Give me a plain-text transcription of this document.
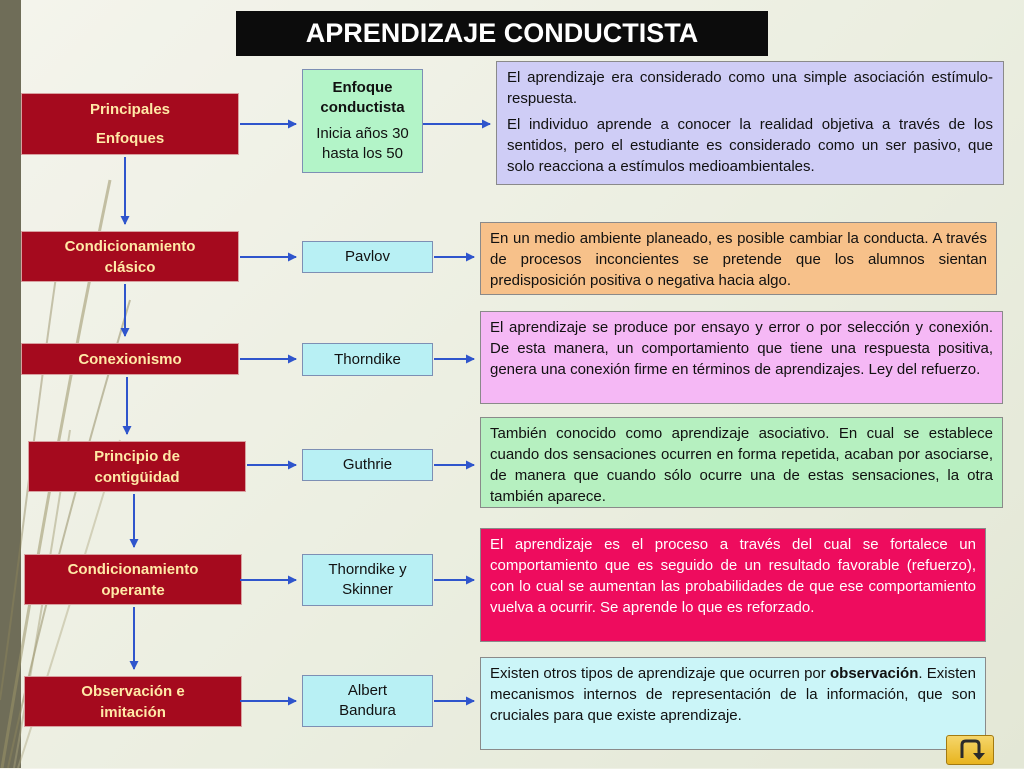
APRENDIZAJE CONDUCTISTA
Principales
Enfoques
Condicionamiento clásico
Conexionismo
Principio de contigüidad
Condicionamiento operante
Observación e imitación
Enfoque conductista
Inicia años 30 hasta los 50
Pavlov
Thorndike
Guthrie
Thorndike y Skinner
Albert Bandura

El aprendizaje era considerado como una simple asociación estímulo-respuesta.

El individuo aprende a conocer la realidad objetiva a través de los sentidos, pero el estudiante es considerado como un ser pasivo, que solo reacciona a estímulos medioambientales.

En un medio ambiente planeado, es posible cambiar la conducta. A través de procesos inconcientes se pretende que los alumnos sientan predisposición positiva o negativa hacia algo.

El aprendizaje se produce por ensayo y error o por selección y conexión. De esta manera, un comportamiento que tiene una respuesta positiva, genera una conexión firme en términos de aprendizajes. Ley del refuerzo.

También conocido como aprendizaje asociativo. En cual se establece cuando dos sensaciones ocurren en forma repetida, acaban por asociarse, de manera que cuando sólo ocurre una de estas sensaciones, la otra también aparece.

El aprendizaje es el proceso a través del cual se fortalece un comportamiento que es seguido de un resultado favorable (refuerzo), con lo cual se aumentan las probabilidades de que ese comportamiento vuelva a ocurrir. Se aprende lo que es reforzado.

Existen otros tipos de aprendizaje que ocurren por observación. Existen mecanismos internos de representación de la información, que son cruciales para que existe aprendizaje.
